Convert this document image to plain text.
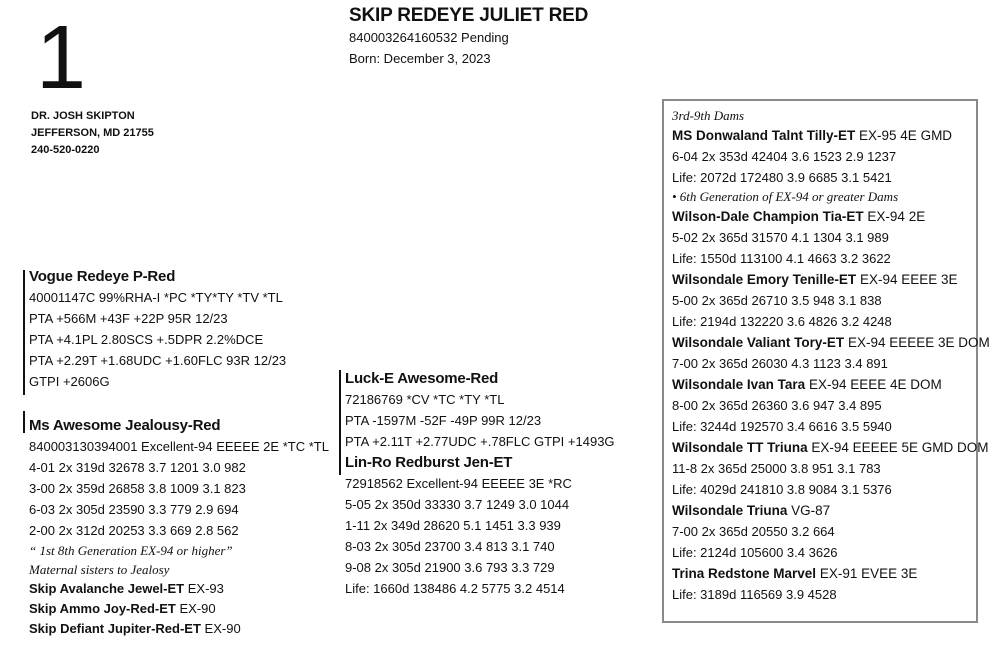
1
DR. JOSH SKIPTON
JEFFERSON, MD 21755
240-520-0220
SKIP REDEYE JULIET RED
840003264160532 Pending
Born: December 3, 2023
Vogue Redeye P-Red
40001147C 99%RHA-I *PC *TY*TY *TV *TL
PTA +566M +43F +22P 95R 12/23
PTA +4.1PL 2.80SCS +.5DPR 2.2%DCE
PTA +2.29T +1.68UDC +1.60FLC 93R 12/23
GTPI +2606G
Ms Awesome Jealousy-Red
840003130394001 Excellent-94 EEEEE 2E *TC *TL
4-01 2x 319d 32678 3.7 1201 3.0 982
3-00 2x 359d 26858 3.8 1009 3.1 823
6-03 2x 305d 23590 3.3 779 2.9 694
2-00 2x 312d 20253 3.3 669 2.8 562
“ 1st 8th Generation EX-94 or higher”
Maternal sisters to Jealosy
Skip Avalanche Jewel-ET EX-93
Skip Ammo Joy-Red-ET EX-90
Skip Defiant Jupiter-Red-ET EX-90
Luck-E Awesome-Red
72186769 *CV *TC *TY *TL
PTA -1597M -52F -49P 99R 12/23
PTA +2.11T +2.77UDC +.78FLC GTPI +1493G
Lin-Ro Redburst Jen-ET
72918562 Excellent-94 EEEEE 3E *RC
5-05 2x 350d 33330 3.7 1249 3.0 1044
1-11 2x 349d 28620 5.1 1451 3.3 939
8-03 2x 305d 23700 3.4 813 3.1 740
9-08 2x 305d 21900 3.6 793 3.3 729
Life: 1660d 138486 4.2 5775 3.2 4514
3rd-9th Dams
MS Donwaland Talnt Tilly-ET EX-95 4E GMD
6-04 2x 353d 42404 3.6 1523 2.9 1237
Life: 2072d 172480 3.9 6685 3.1 5421
• 6th Generation of EX-94 or greater Dams
Wilson-Dale Champion Tia-ET EX-94 2E
5-02 2x 365d 31570 4.1 1304 3.1 989
Life: 1550d 113100 4.1 4663 3.2 3622
Wilsondale Emory Tenille-ET EX-94 EEEE 3E
5-00 2x 365d 26710 3.5 948 3.1 838
Life: 2194d 132220 3.6 4826 3.2 4248
Wilsondale Valiant Tory-ET EX-94 EEEEE 3E DOM
7-00 2x 365d 26030 4.3 1123 3.4 891
Wilsondale Ivan Tara EX-94 EEEE 4E DOM
8-00 2x 365d 26360 3.6 947 3.4 895
Life: 3244d 192570 3.4 6616 3.5 5940
Wilsondale TT Triuna EX-94 EEEEE 5E GMD DOM
11-8 2x 365d 25000 3.8 951 3.1 783
Life: 4029d 241810 3.8 9084 3.1 5376
Wilsondale Triuna VG-87
7-00 2x 365d 20550 3.2 664
Life: 2124d 105600 3.4 3626
Trina Redstone Marvel EX-91 EVEE 3E
Life: 3189d 116569 3.9 4528
